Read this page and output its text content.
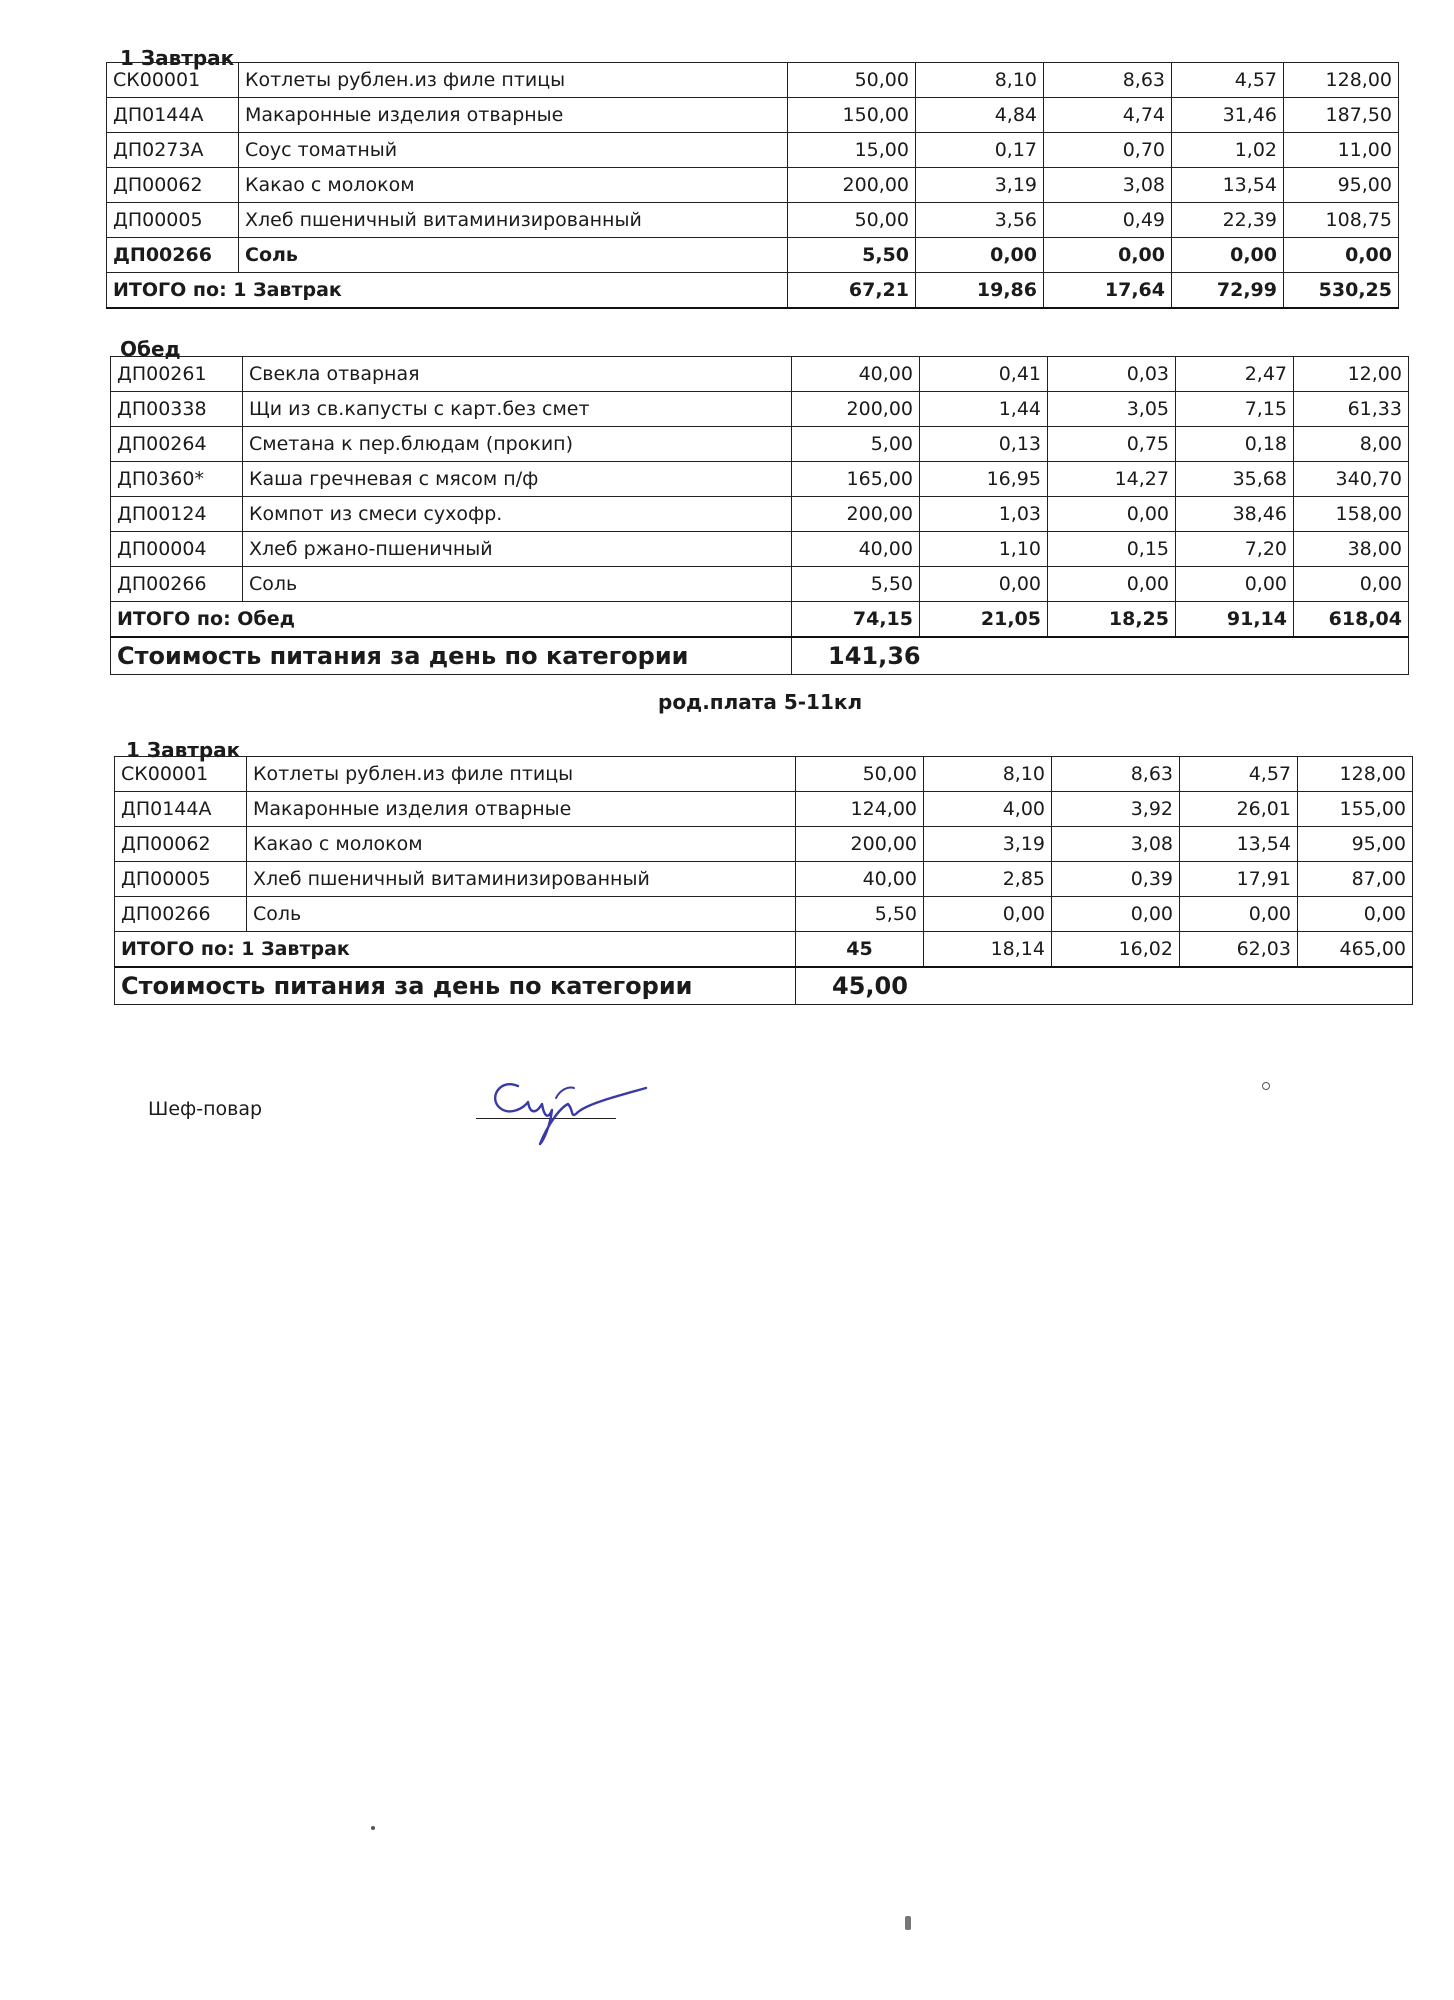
1 Завтрак
СК00001	Котлеты рублен.из филе птицы	50,00	8,10	8,63	4,57	128,00
ДП0144А	Макаронные изделия отварные	150,00	4,84	4,74	31,46	187,50
ДП0273А	Соус томатный	15,00	0,17	0,70	1,02	11,00
ДП00062	Какао с молоком	200,00	3,19	3,08	13,54	95,00
ДП00005	Хлеб пшеничный витаминизированный	50,00	3,56	0,49	22,39	108,75
ДП00266	Соль	5,50	0,00	0,00	0,00	0,00
ИТОГО по: 1 Завтрак		67,21	19,86	17,64	72,99	530,25
Обед
ДП00261	Свекла отварная	40,00	0,41	0,03	2,47	12,00
ДП00338	Щи из св.капусты с карт.без смет	200,00	1,44	3,05	7,15	61,33
ДП00264	Сметана к пер.блюдам (прокип)	5,00	0,13	0,75	0,18	8,00
ДП0360*	Каша гречневая с мясом п/ф	165,00	16,95	14,27	35,68	340,70
ДП00124	Компот из смеси сухофр.	200,00	1,03	0,00	38,46	158,00
ДП00004	Хлеб ржано-пшеничный	40,00	1,10	0,15	7,20	38,00
ДП00266	Соль	5,50	0,00	0,00	0,00	0,00
ИТОГО по: Обед		74,15	21,05	18,25	91,14	618,04
Стоимость питания за день по категории		141,36				
род.плата 5-11кл
1 Завтрак
СК00001	Котлеты рублен.из филе птицы	50,00	8,10	8,63	4,57	128,00
ДП0144А	Макаронные изделия отварные	124,00	4,00	3,92	26,01	155,00
ДП00062	Какао с молоком	200,00	3,19	3,08	13,54	95,00
ДП00005	Хлеб пшеничный витаминизированный	40,00	2,85	0,39	17,91	87,00
ДП00266	Соль	5,50	0,00	0,00	0,00	0,00
ИТОГО по: 1 Завтрак		45	18,14	16,02	62,03	465,00
Стоимость питания за день по категории		45,00				
Шеф-повар
